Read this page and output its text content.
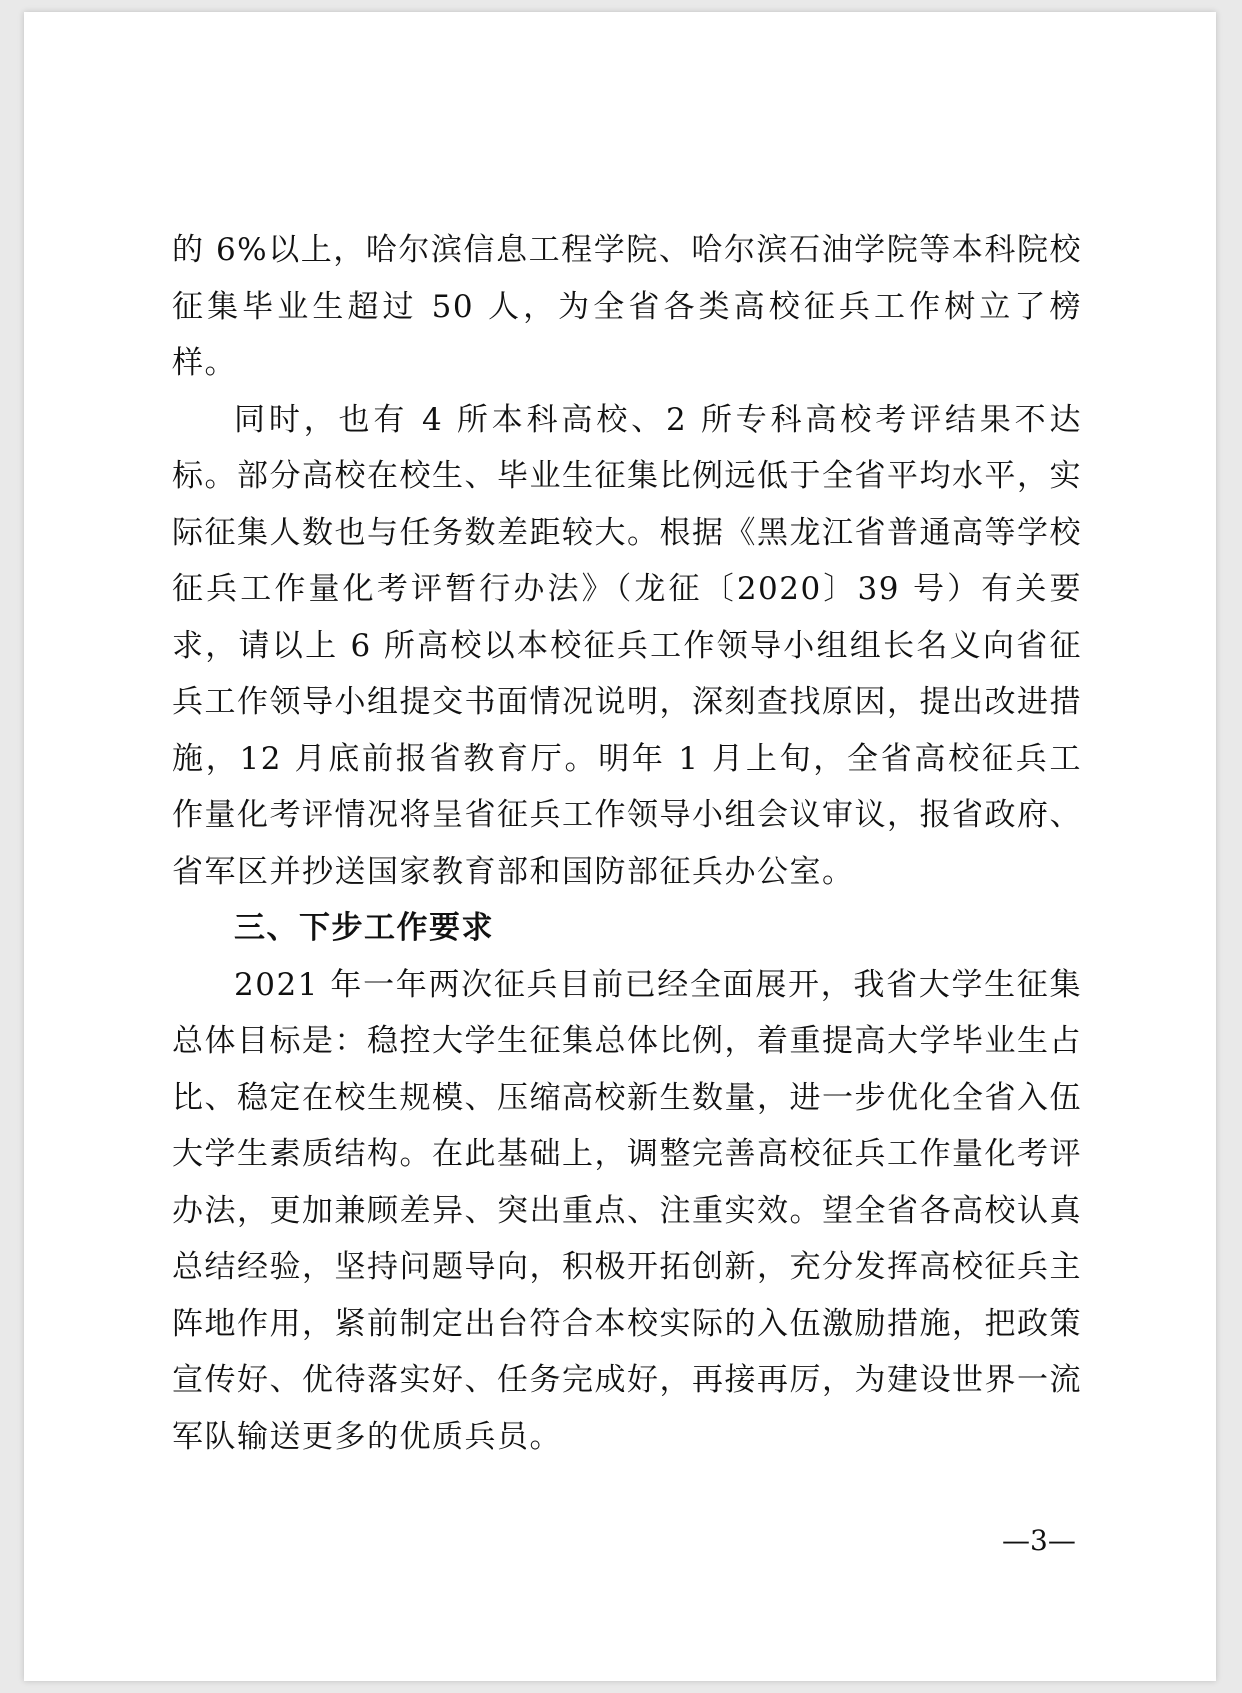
的 6%以上，哈尔滨信息工程学院、哈尔滨石油学院等本科院校征集毕业生超过 50 人，为全省各类高校征兵工作树立了榜样。

同时，也有 4 所本科高校、2 所专科高校考评结果不达标。部分高校在校生、毕业生征集比例远低于全省平均水平，实际征集人数也与任务数差距较大。根据《黑龙江省普通高等学校征兵工作量化考评暂行办法》（龙征〔2020〕39 号）有关要求，请以上 6 所高校以本校征兵工作领导小组组长名义向省征兵工作领导小组提交书面情况说明，深刻查找原因，提出改进措施，12 月底前报省教育厅。明年 1 月上旬，全省高校征兵工作量化考评情况将呈省征兵工作领导小组会议审议，报省政府、省军区并抄送国家教育部和国防部征兵办公室。

三、下步工作要求

2021 年一年两次征兵目前已经全面展开，我省大学生征集总体目标是：稳控大学生征集总体比例，着重提高大学毕业生占比、稳定在校生规模、压缩高校新生数量，进一步优化全省入伍大学生素质结构。在此基础上，调整完善高校征兵工作量化考评办法，更加兼顾差异、突出重点、注重实效。望全省各高校认真总结经验，坚持问题导向，积极开拓创新，充分发挥高校征兵主阵地作用，紧前制定出台符合本校实际的入伍激励措施，把政策宣传好、优待落实好、任务完成好，再接再厉，为建设世界一流军队输送更多的优质兵员。

—3—
